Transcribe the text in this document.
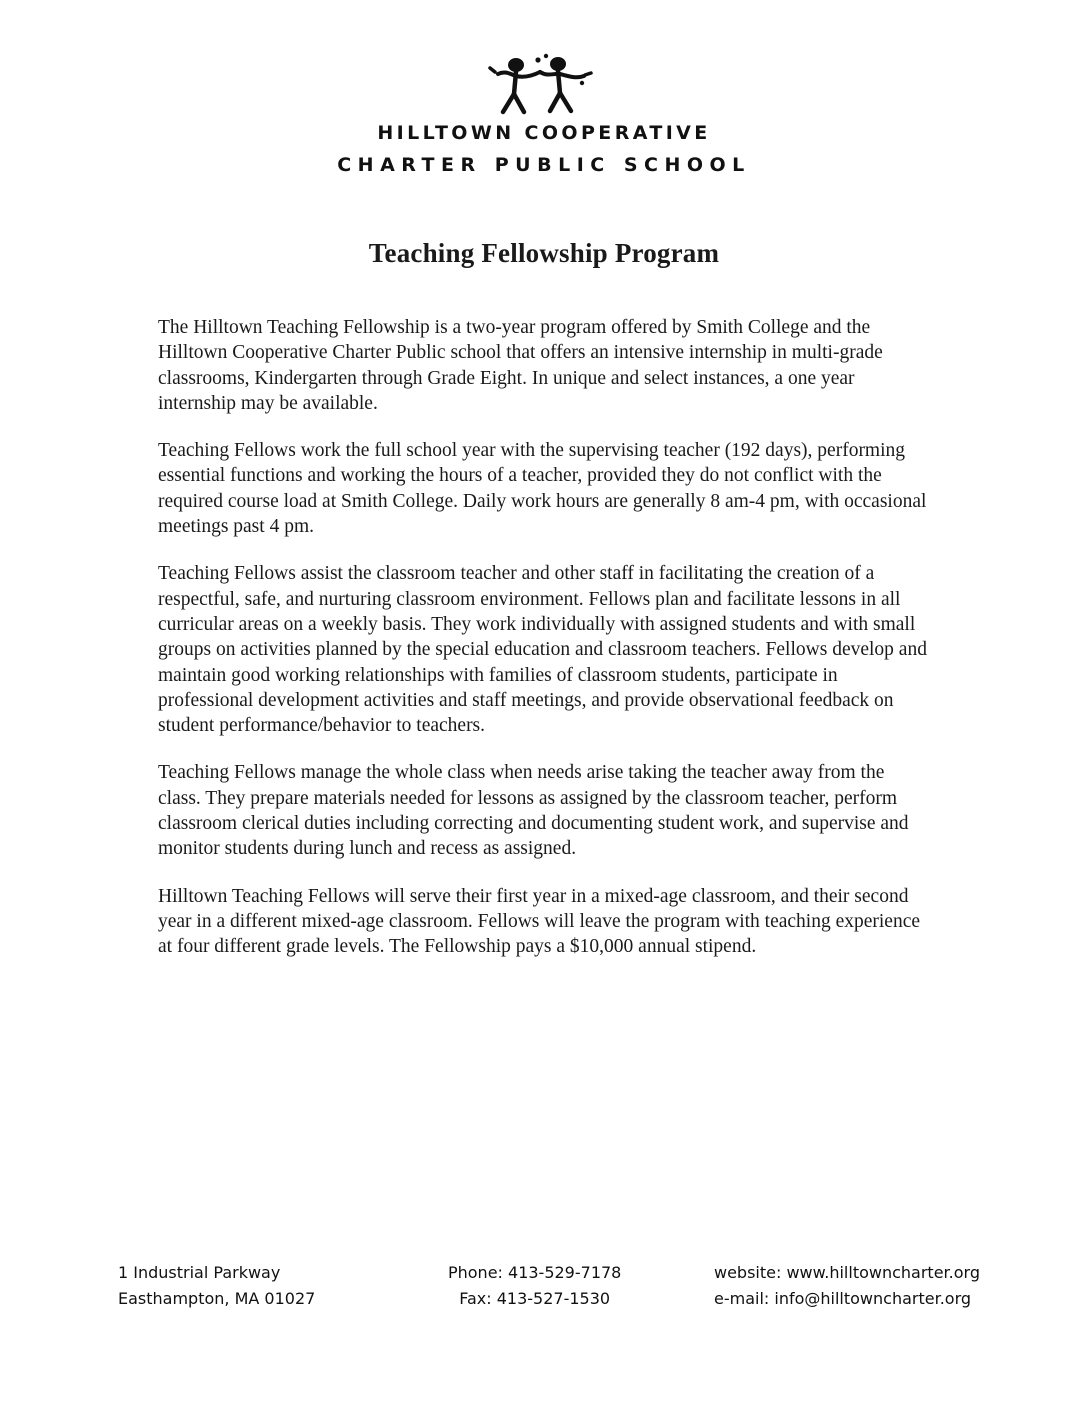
HILLTOWN COOPERATIVE
CHARTER PUBLIC SCHOOL
Teaching Fellowship Program

The Hilltown Teaching Fellowship is a two-year program offered by Smith College and the Hilltown Cooperative Charter Public school that offers an intensive internship in multi-grade classrooms, Kindergarten through Grade Eight. In unique and select instances, a one year internship may be available.

Teaching Fellows work the full school year with the supervising teacher (192 days), performing essential functions and working the hours of a teacher, provided they do not conflict with the required course load at Smith College. Daily work hours are generally 8 am-4 pm, with occasional meetings past 4 pm.

Teaching Fellows assist the classroom teacher and other staff in facilitating the creation of a respectful, safe, and nurturing classroom environment. Fellows plan and facilitate lessons in all curricular areas on a weekly basis. They work individually with assigned students and with small groups on activities planned by the special education and classroom teachers. Fellows develop and maintain good working relationships with families of classroom students, participate in professional development activities and staff meetings, and provide observational feedback on student performance/behavior to teachers.

Teaching Fellows manage the whole class when needs arise taking the teacher away from the class. They prepare materials needed for lessons as assigned by the classroom teacher, perform classroom clerical duties including correcting and documenting student work, and supervise and monitor students during lunch and recess as assigned.

Hilltown Teaching Fellows will serve their first year in a mixed-age classroom, and their second year in a different mixed-age classroom. Fellows will leave the program with teaching experience at four different grade levels. The Fellowship pays a $10,000 annual stipend.

1 Industrial Parkway
Easthampton, MA 01027
Phone: 413-529-7178
Fax: 413-527-1530
website: www.hilltowncharter.org
e-mail: info@hilltowncharter.org
